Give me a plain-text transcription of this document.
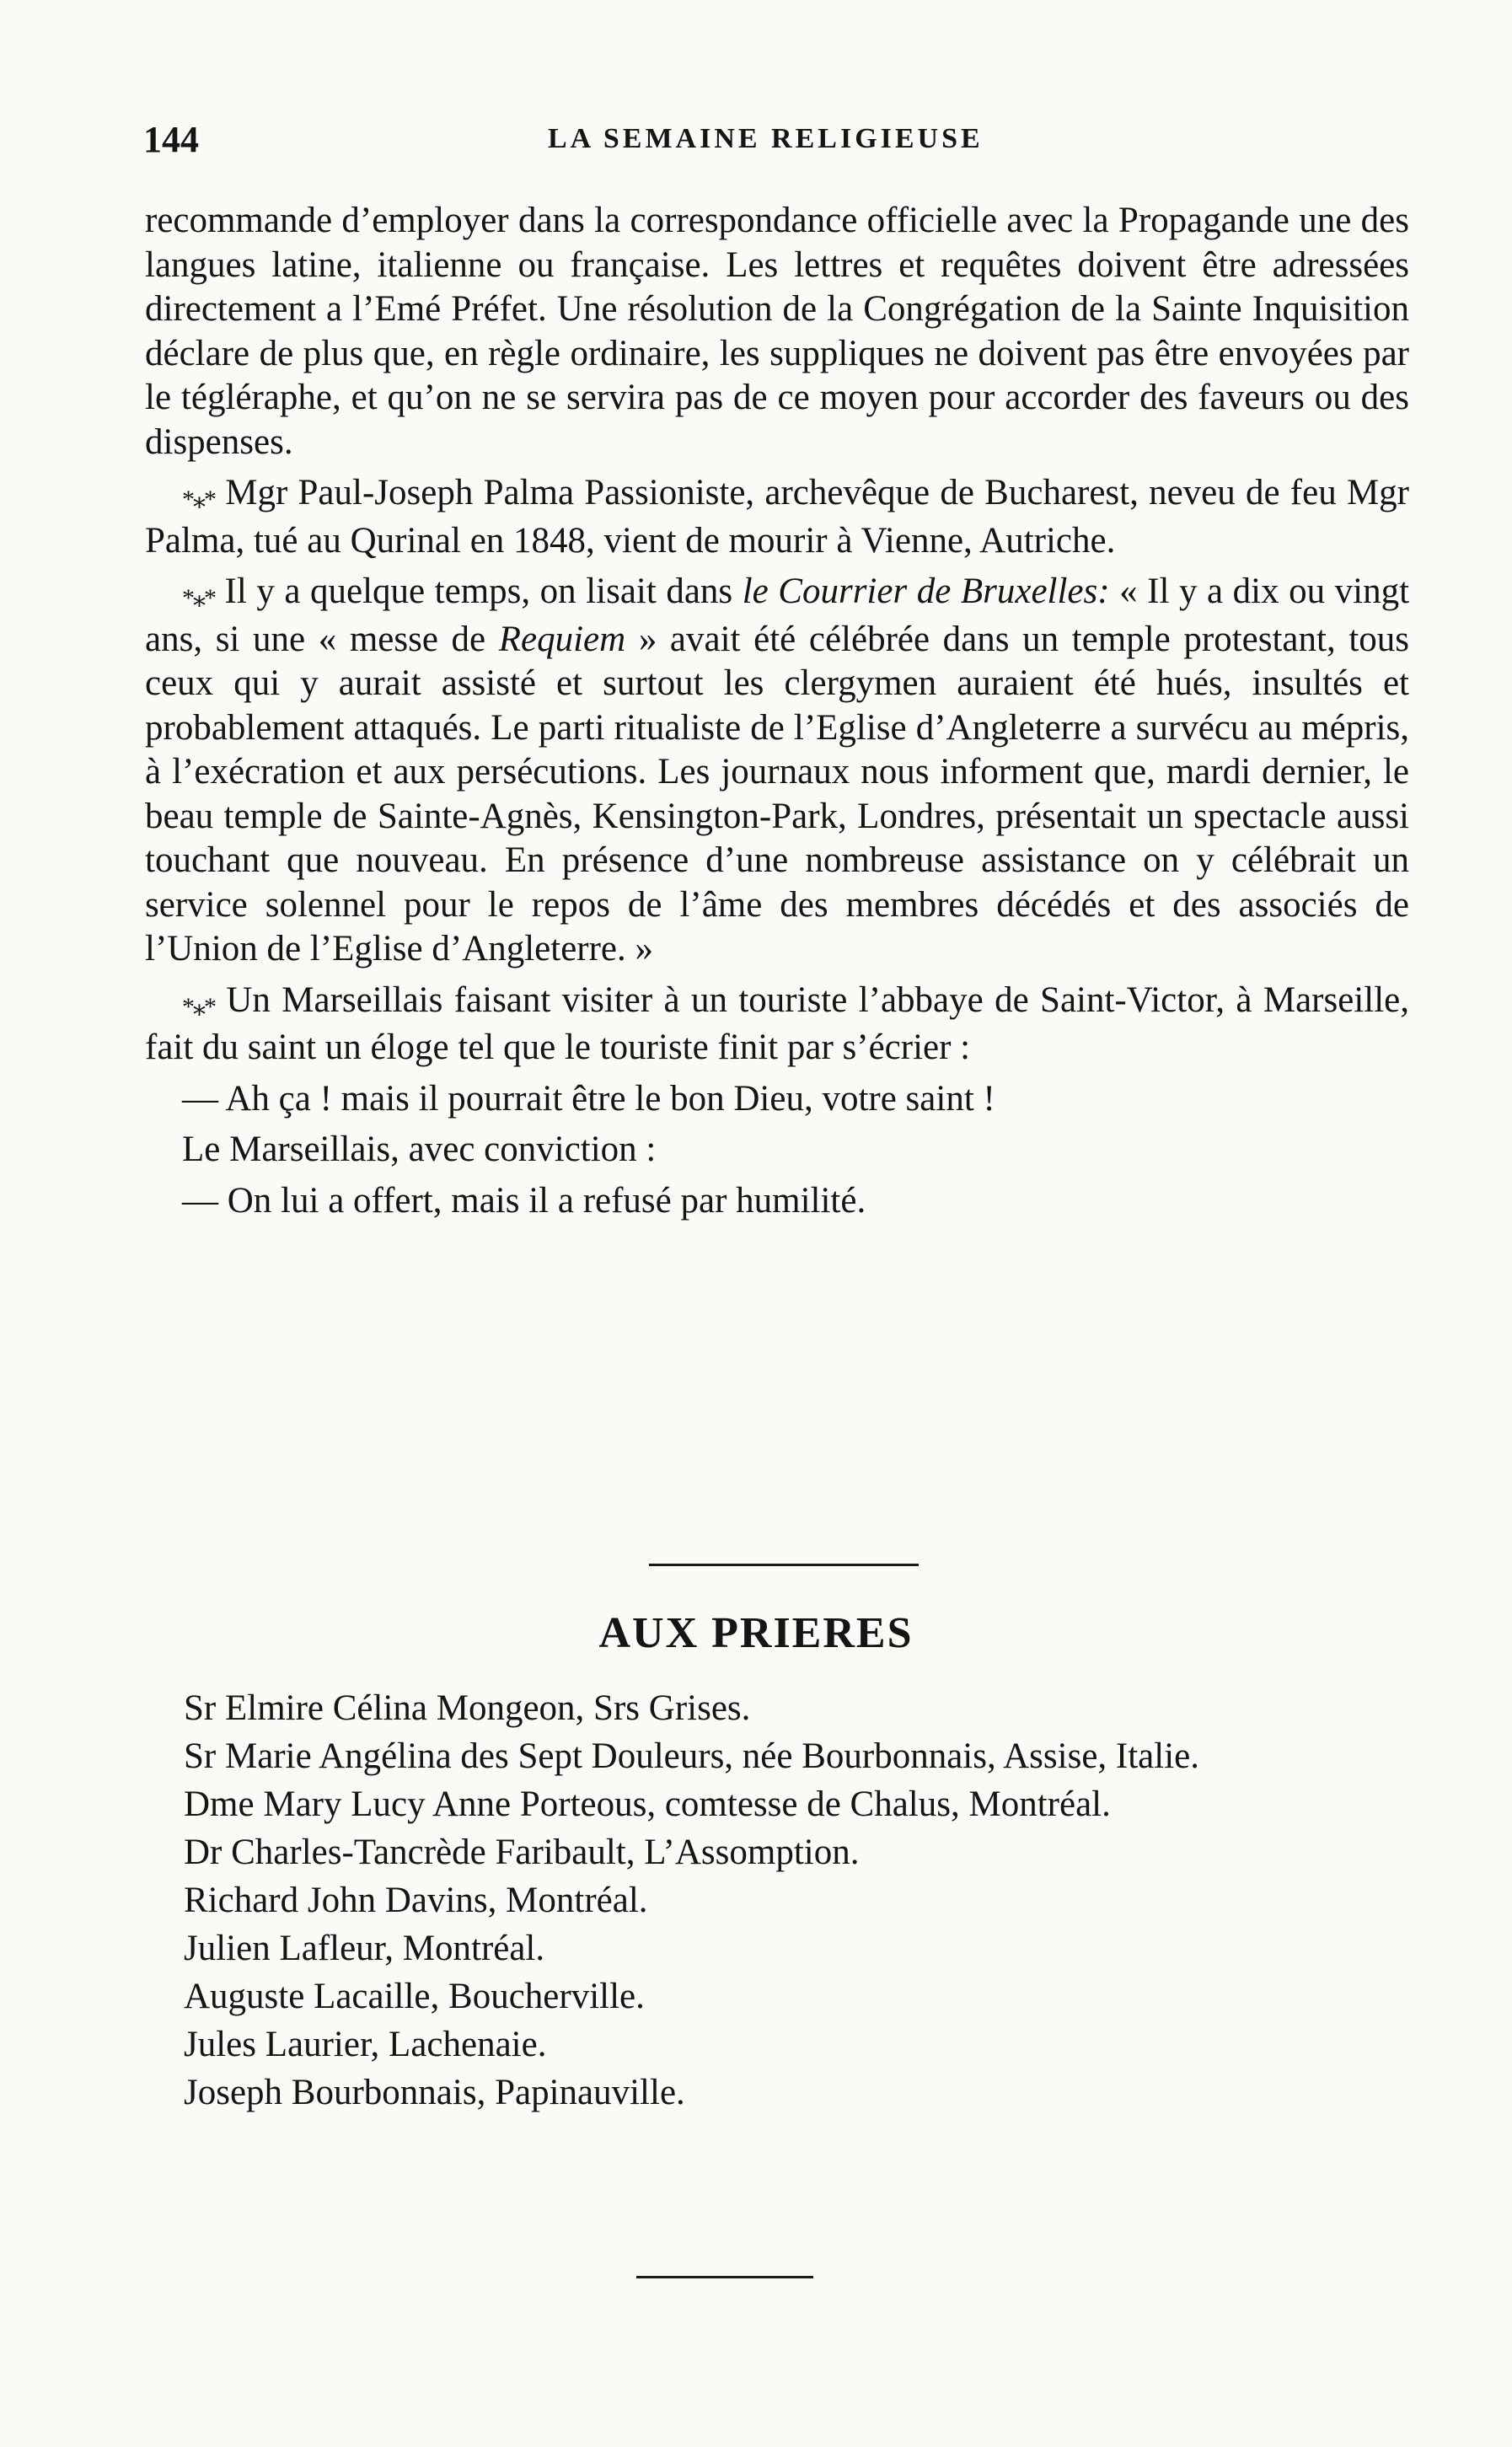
144	LA SEMAINE RELIGIEUSE

recommande d’employer dans la correspondance officielle avec la Propagande une des langues latine, italienne ou française. Les lettres et requêtes doivent être adressées directement a l’Emé Préfet. Une résolution de la Congrégation de la Sainte Inquisition déclare de plus que, en règle ordinaire, les suppliques ne doivent pas être envoyées par le tégléraphe, et qu’on ne se servira pas de ce moyen pour accorder des faveurs ou des dispenses.

*⁎* Mgr Paul-Joseph Palma Passioniste, archevêque de Bucharest, neveu de feu Mgr Palma, tué au Qurinal en 1848, vient de mourir à Vienne, Autriche.

*⁎* Il y a quelque temps, on lisait dans le Courrier de Bruxelles: « Il y a dix ou vingt ans, si une « messe de Requiem » avait été célébrée dans un temple protestant, tous ceux qui y aurait assisté et surtout les clergymen auraient été hués, insultés et probablement attaqués. Le parti ritualiste de l’Eglise d’Angleterre a survécu au mépris, à l’exécration et aux persécutions. Les journaux nous informent que, mardi dernier, le beau temple de Sainte-Agnès, Kensington-Park, Londres, présentait un spectacle aussi touchant que nouveau. En présence d’une nombreuse assistance on y célébrait un service solennel pour le repos de l’âme des membres décédés et des associés de l’Union de l’Eglise d’Angleterre. »

*⁎* Un Marseillais faisant visiter à un touriste l’abbaye de Saint-Victor, à Marseille, fait du saint un éloge tel que le touriste finit par s’écrier :

— Ah ça ! mais il pourrait être le bon Dieu, votre saint !

Le Marseillais, avec conviction :

— On lui a offert, mais il a refusé par humilité.

AUX PRIERES

Sr Elmire Célina Mongeon, Srs Grises.

Sr Marie Angélina des Sept Douleurs, née Bourbonnais, Assise, Italie.

Dme Mary Lucy Anne Porteous, comtesse de Chalus, Montréal.

Dr Charles-Tancrède Faribault, L’Assomption.

Richard John Davins, Montréal.

Julien Lafleur, Montréal.

Auguste Lacaille, Boucherville.

Jules Laurier, Lachenaie.

Joseph Bourbonnais, Papinauville.
